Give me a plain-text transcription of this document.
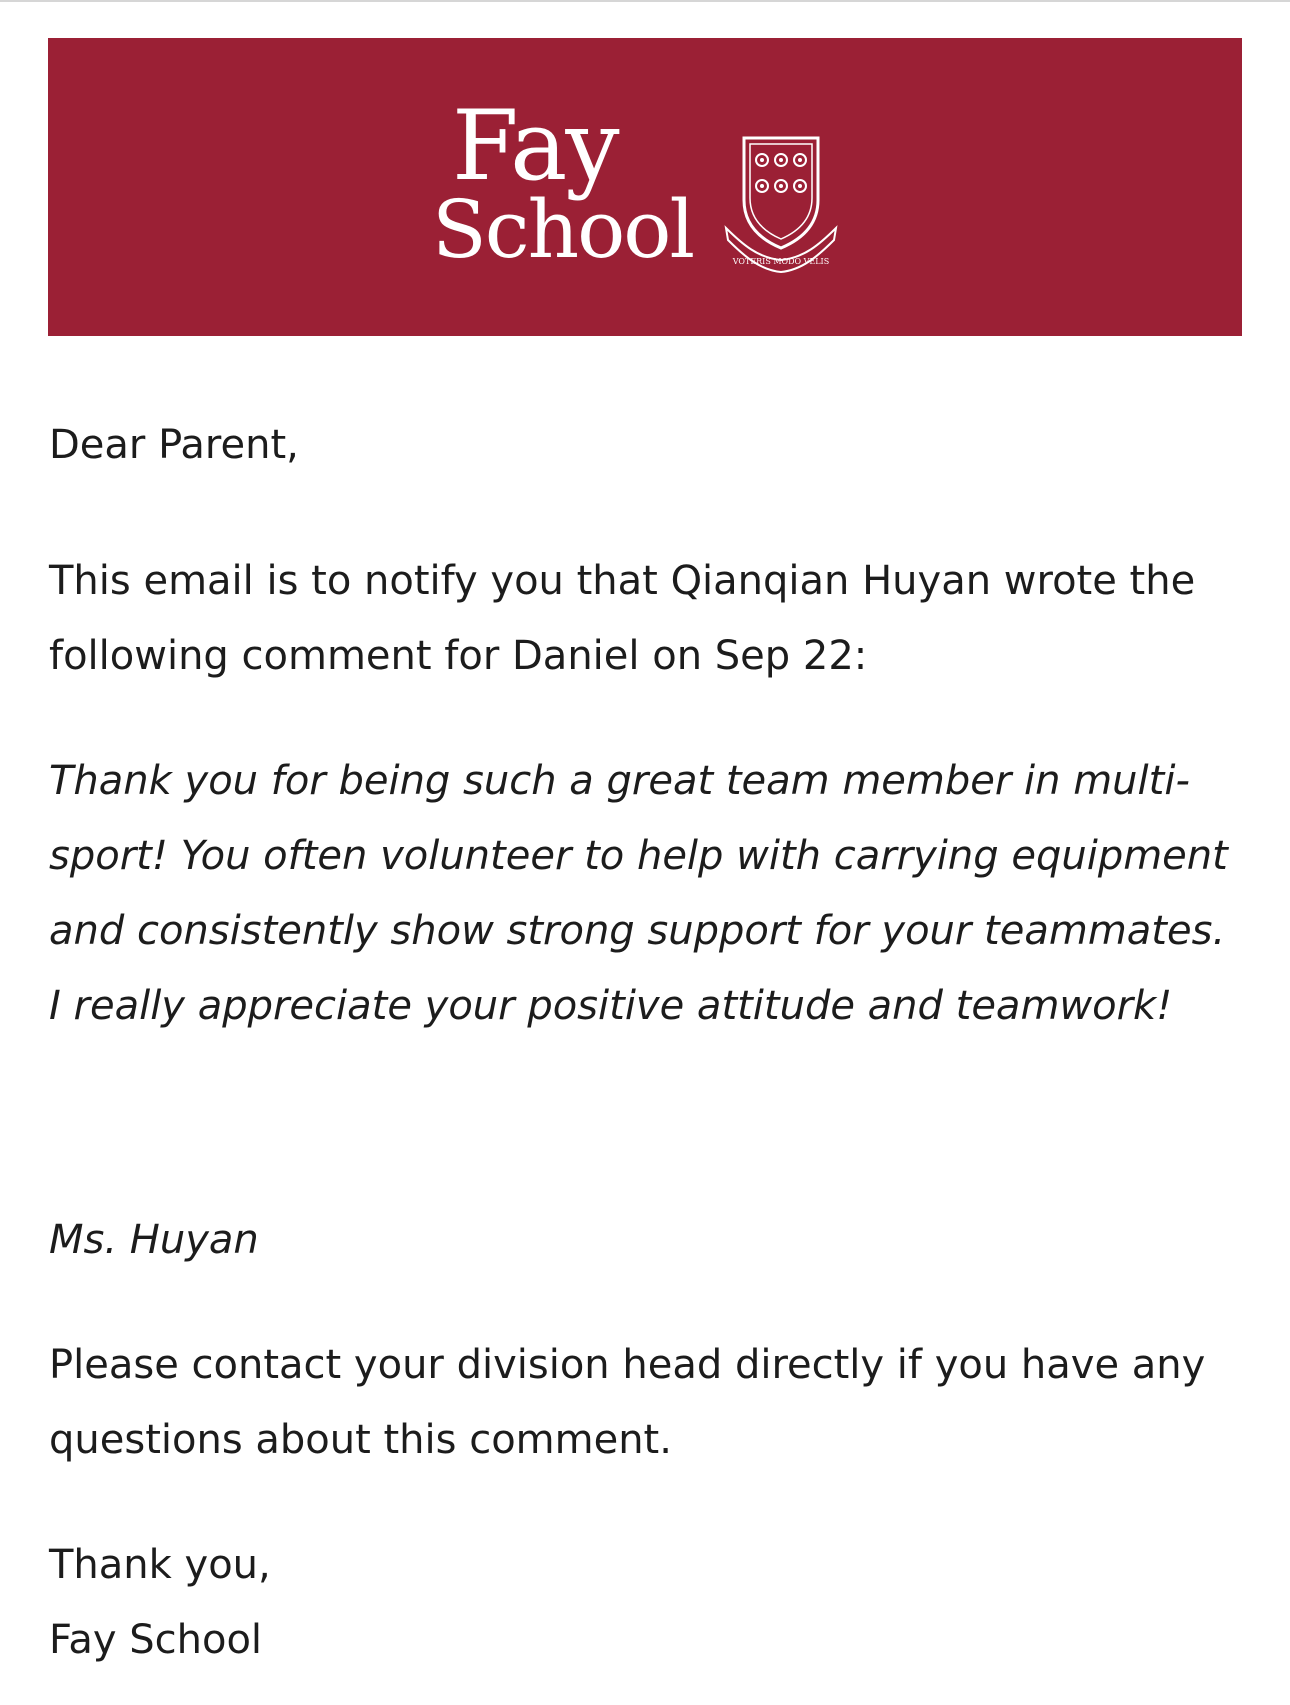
Fay
School	VOTERIS MODO VELIS

Dear Parent,

This email is to notify you that Qianqian Huyan wrote the following comment for Daniel on Sep 22:

Thank you for being such a great team member in multi-sport! You often volunteer to help with carrying equipment and consistently show strong support for your teammates. I really appreciate your positive attitude and teamwork!

Ms. Huyan

Please contact your division head directly if you have any questions about this comment.

Thank you,

Fay School
